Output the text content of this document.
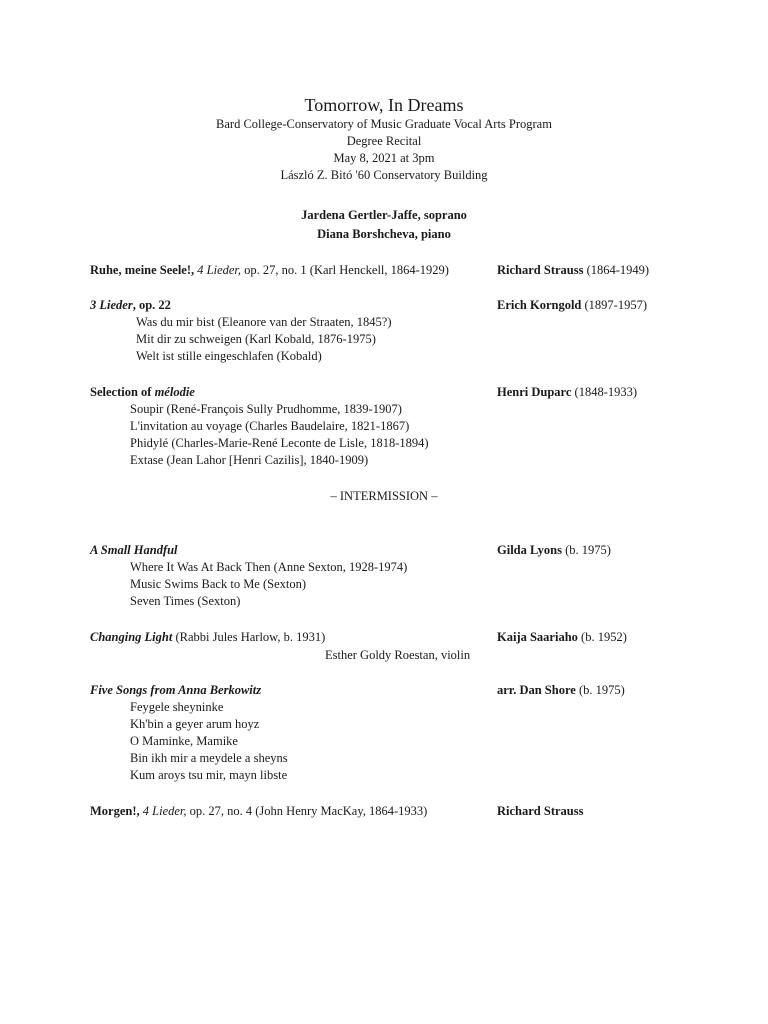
Tomorrow, In Dreams
Bard College-Conservatory of Music Graduate Vocal Arts Program
Degree Recital
May 8, 2021 at 3pm
László Z. Bitó '60 Conservatory Building
Jardena Gertler-Jaffe, soprano
Diana Borshcheva, piano
Ruhe, meine Seele!, 4 Lieder, op. 27, no. 1 (Karl Henckell, 1864-1929)	Richard Strauss (1864-1949)
3 Lieder, op. 22	Erich Korngold (1897-1957)
Was du mir bist (Eleanore van der Straaten, 1845?)
Mit dir zu schweigen (Karl Kobald, 1876-1975)
Welt ist stille eingeschlafen (Kobald)
Selection of mélodie	Henri Duparc (1848-1933)
Soupir (René-François Sully Prudhomme, 1839-1907)
L'invitation au voyage (Charles Baudelaire, 1821-1867)
Phidylé (Charles-Marie-René Leconte de Lisle, 1818-1894)
Extase (Jean Lahor [Henri Cazilis], 1840-1909)
– INTERMISSION –
A Small Handful	Gilda Lyons (b. 1975)
Where It Was At Back Then (Anne Sexton, 1928-1974)
Music Swims Back to Me (Sexton)
Seven Times (Sexton)
Changing Light (Rabbi Jules Harlow, b. 1931)	Kaija Saariaho (b. 1952)
Esther Goldy Roestan, violin
Five Songs from Anna Berkowitz	arr. Dan Shore (b. 1975)
Feygele sheyninke
Kh'bin a geyer arum hoyz
O Maminke, Mamike
Bin ikh mir a meydele a sheyns
Kum aroys tsu mir, mayn libste
Morgen!, 4 Lieder, op. 27, no. 4 (John Henry MacKay, 1864-1933)	Richard Strauss
